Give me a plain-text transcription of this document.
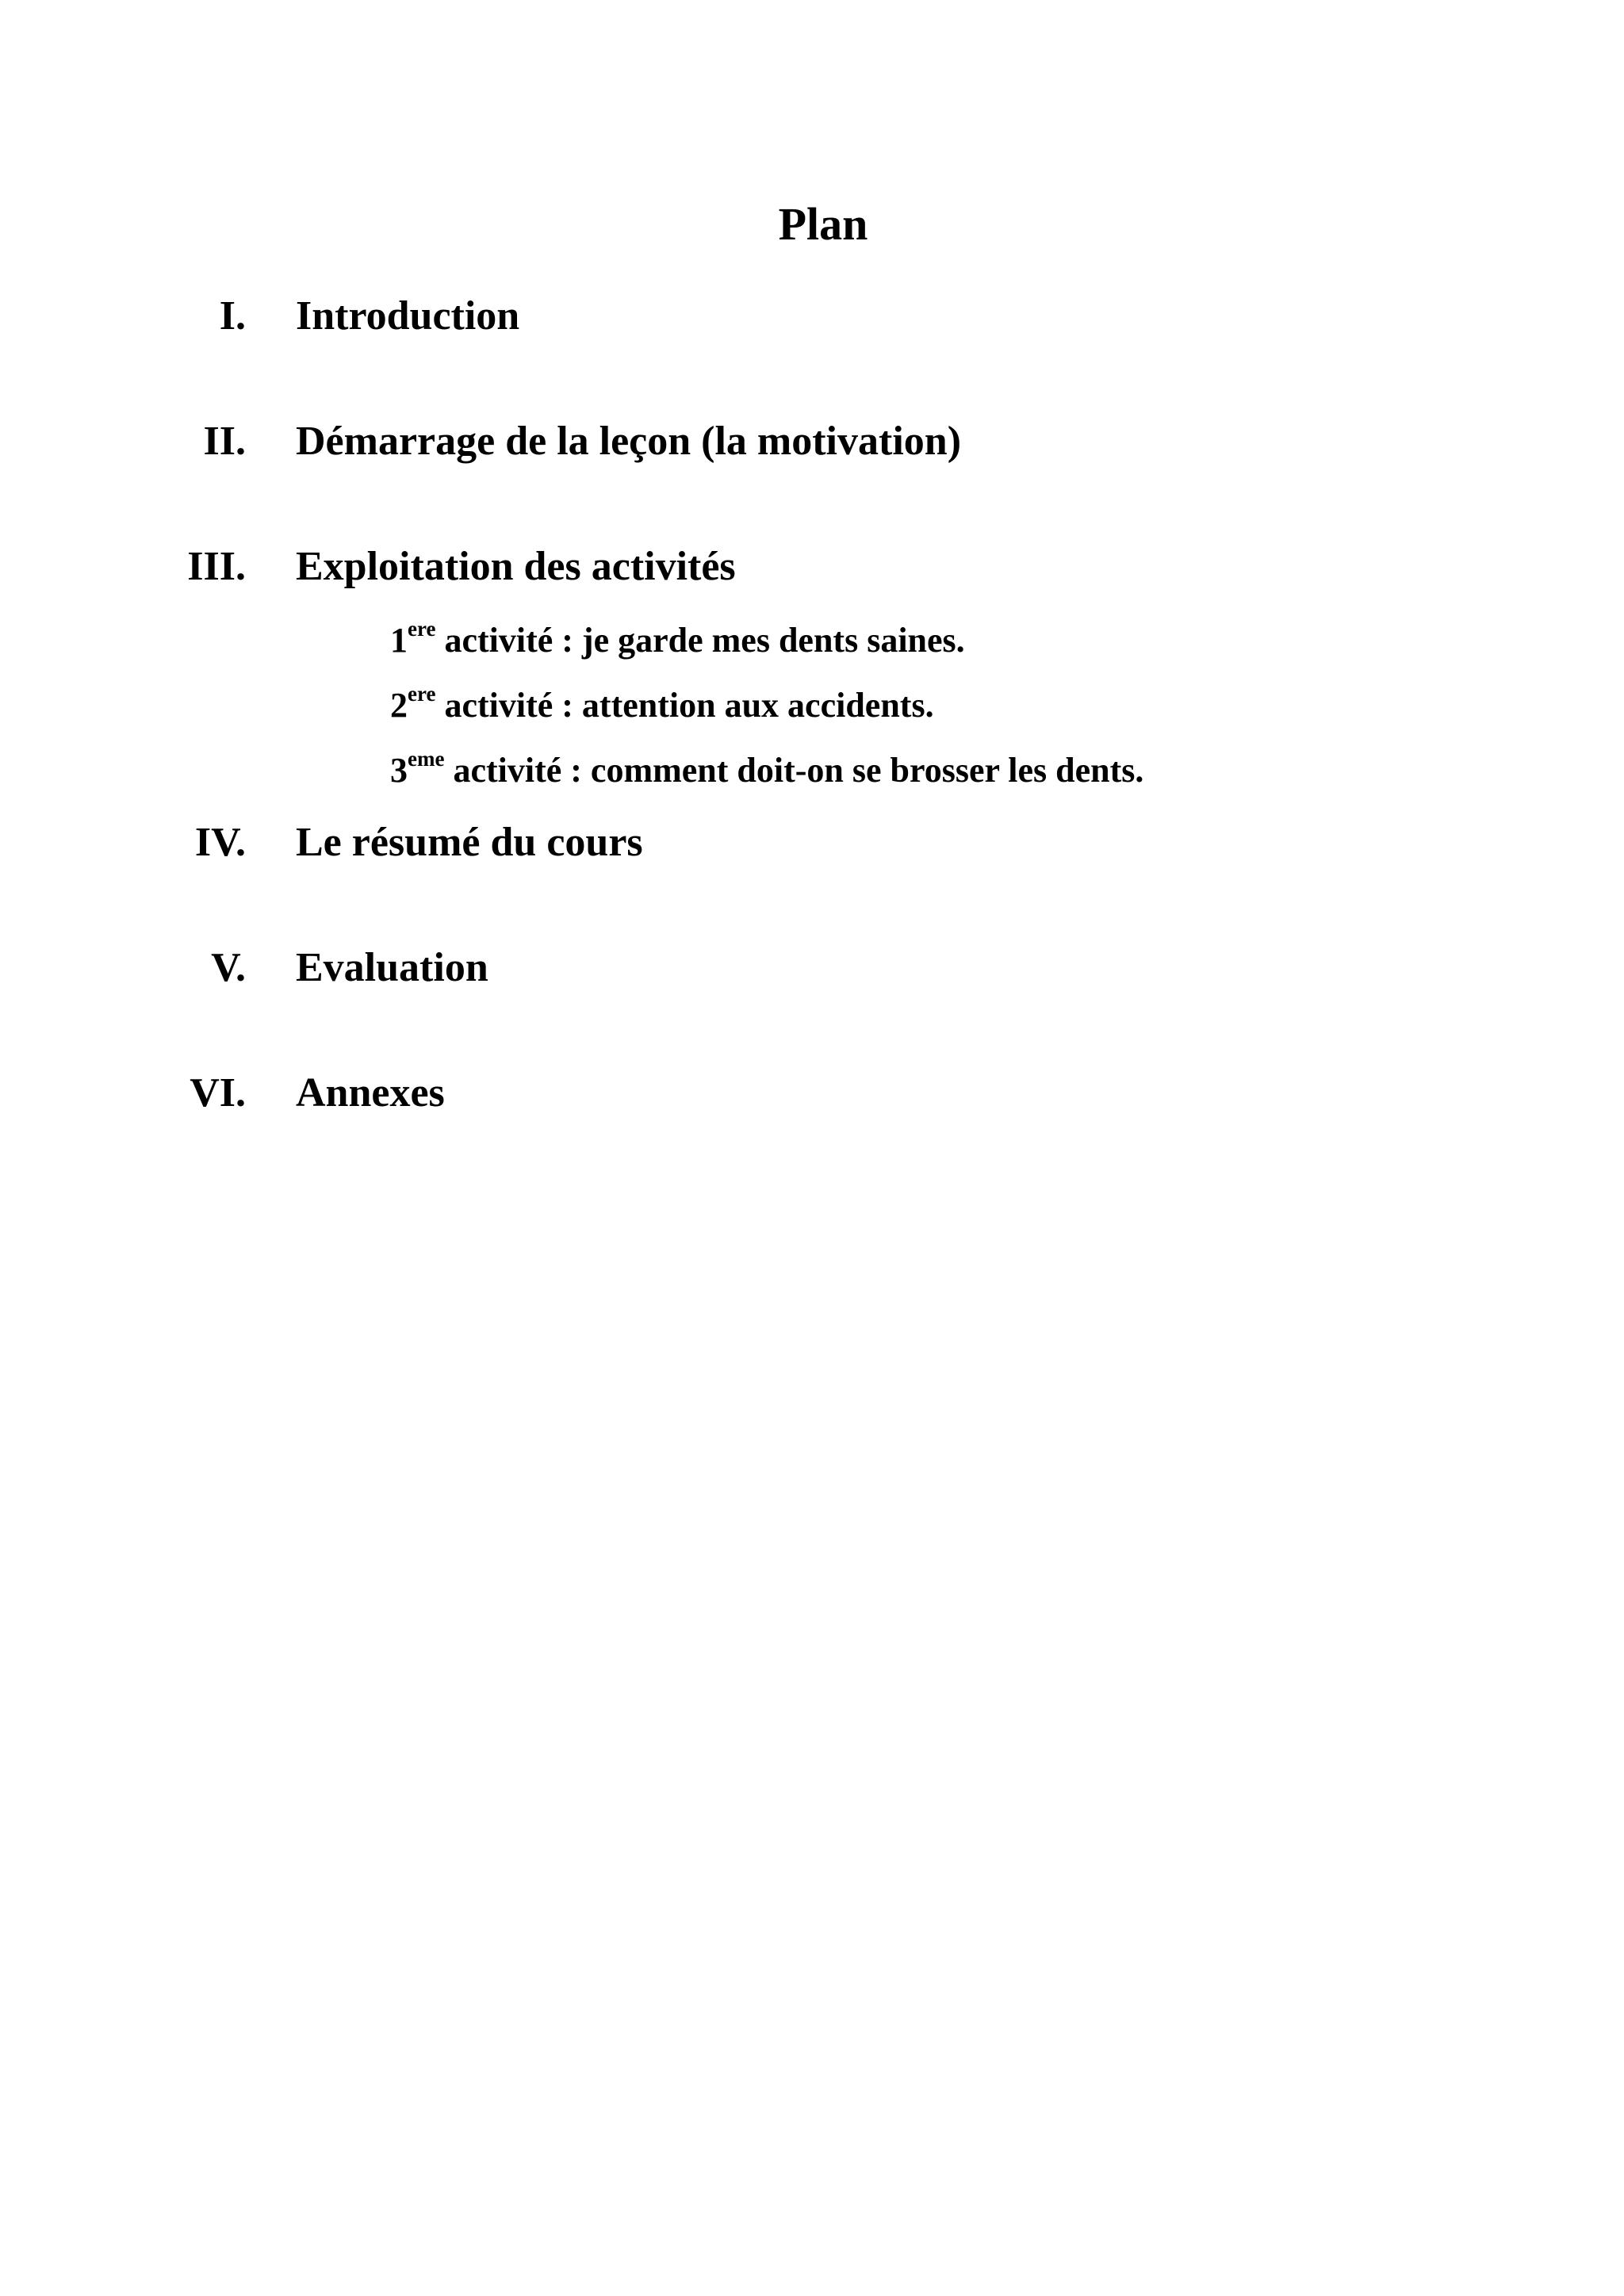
Plan
I. Introduction
II. Démarrage de la leçon (la motivation)
III. Exploitation des activités
1ere activité : je garde mes dents saines.
2ere activité : attention aux accidents.
3eme activité : comment doit-on se brosser les dents.
IV. Le résumé du cours
V. Evaluation
VI. Annexes
